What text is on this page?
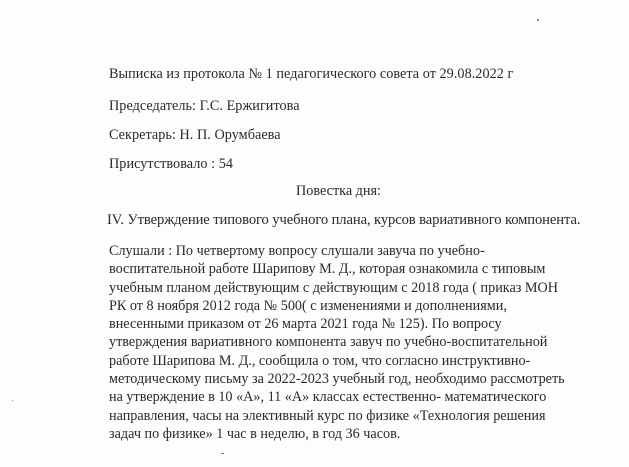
Выписка из протокола № 1 педагогического совета от 29.08.2022 г
Председатель: Г.С. Ержигитова
Секретарь: Н. П. Орумбаева
Присутствовало : 54
Повестка дня:
IV. Утверждение типового учебного плана, курсов вариативного компонента.
Слушали : По четвертому вопросу слушали завуча по учебно-
воспитательной работе Шарипову М. Д., которая ознакомила с типовым
учебным планом действующим с действующим с 2018 года ( приказ МОН
РК от 8 ноября 2012 года № 500( с изменениями и дополнениями,
внесенными приказом от 26 марта 2021 года № 125). По вопросу
утверждения вариативного компонента завуч по учебно-воспитательной
работе Шарипова М. Д., сообщила о том, что согласно инструктивно-
методическому письму за 2022-2023 учебный год, необходимо рассмотреть
на утверждение в 10 «А», 11 «А» классах естественно- математического
направления, часы на элективный курс по физике «Технология решения
задач по физике» 1 час в неделю, в год 36 часов.
